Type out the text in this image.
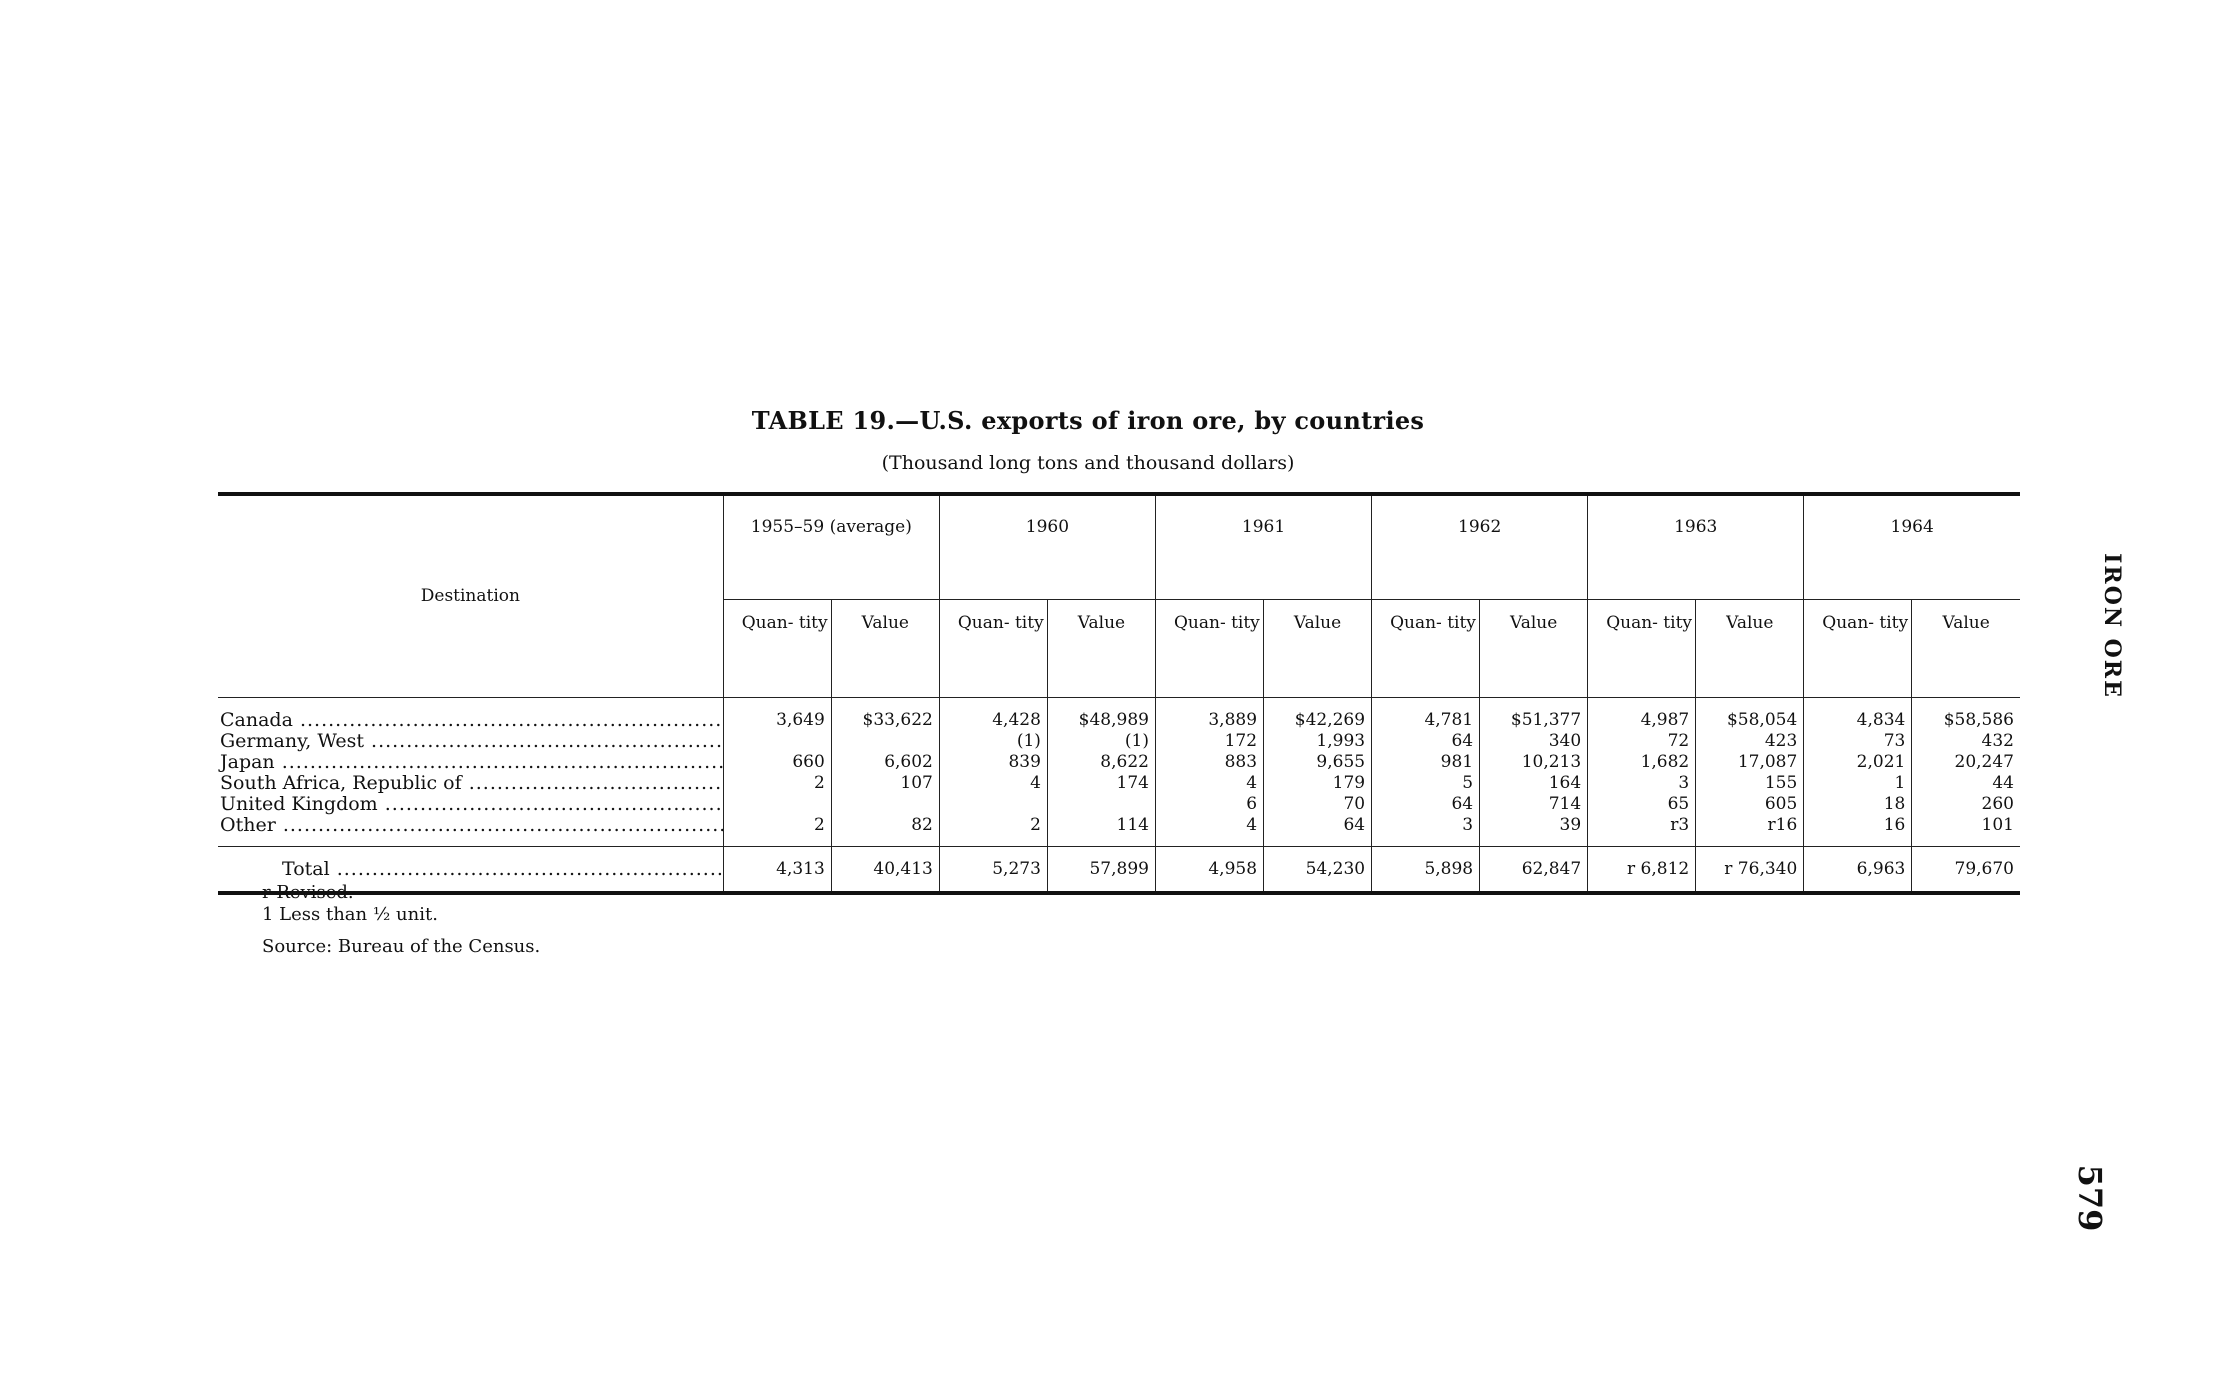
TABLE 19.—U.S. exports of iron ore, by countries
(Thousand long tons and thousand dollars)
Destination	1955–59 (average)		1960		1961		1962		1963		1964	
	Quan- tity	Value	Quan- tity	Value	Quan- tity	Value	Quan- tity	Value	Quan- tity	Value	Quan- tity	Value
Canada .....	3,649	$33,622	4,428	$48,989	3,889	$42,269	4,781	$51,377	4,987	$58,054	4,834	$58,586
Germany, West .....			(1)	(1)	172	1,993	64	340	72	423	73	432
Japan .....	660	6,602	839	8,622	883	9,655	981	10,213	1,682	17,087	2,021	20,247
South Africa, Republic of .....	2	107	4	174	4	179	5	164	3	155	1	44
United Kingdom .....					6	70	64	714	65	605	18	260
Other .....	2	82	2	114	4	64	3	39	r3	r16	16	101

Total .....	4,313	40,413	5,273	57,899	4,958	54,230	5,898	62,847	r 6,812	r 76,340	6,963	79,670
r Revised.
1 Less than ½ unit.
Source: Bureau of the Census.
IRON ORE
579
